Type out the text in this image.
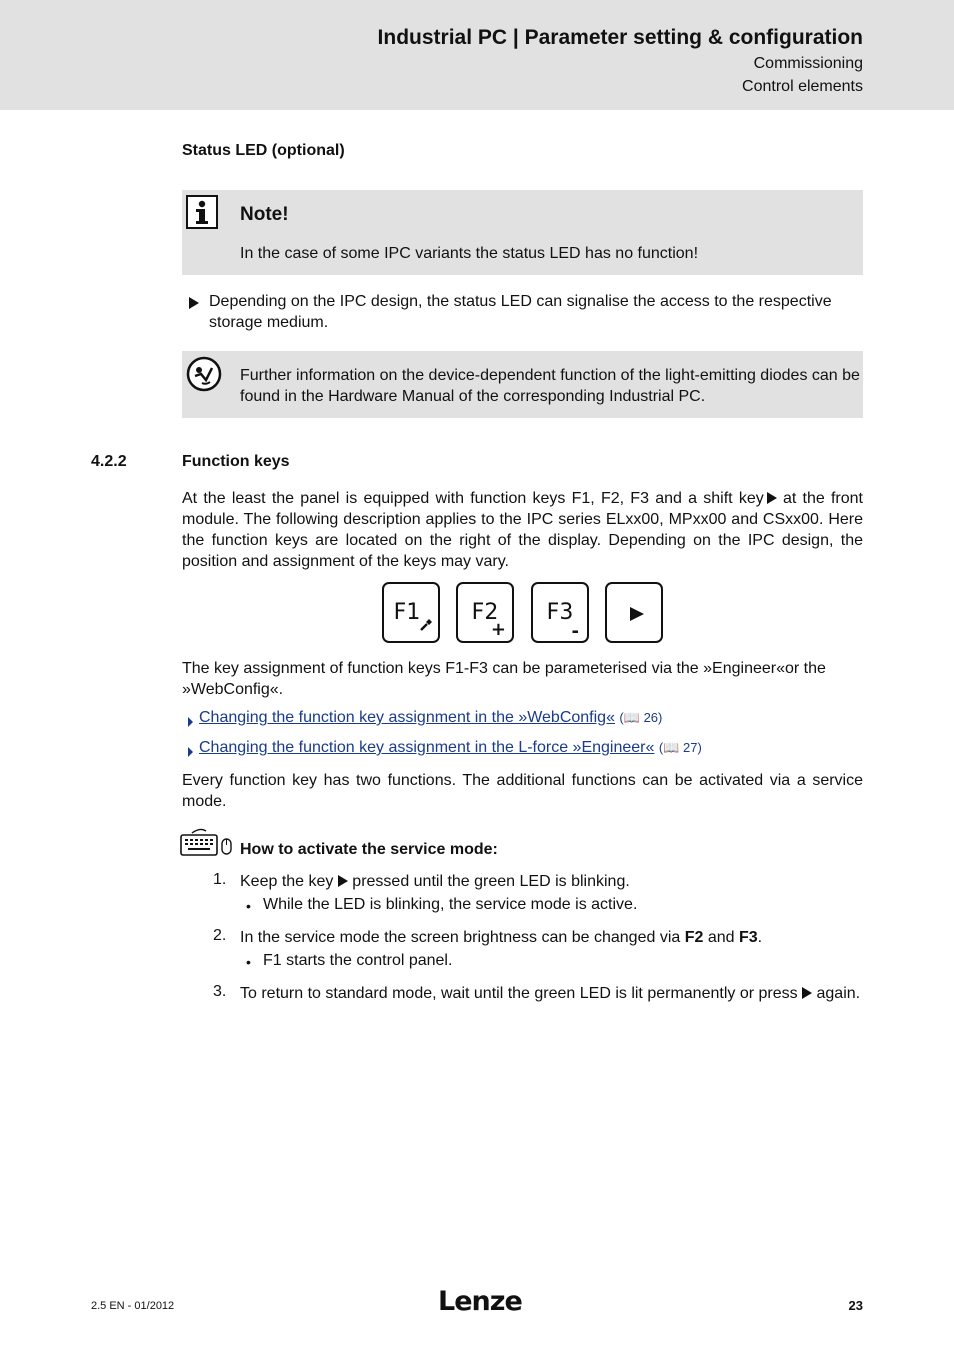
Industrial PC | Parameter setting & configuration
Commissioning
Control elements
Status LED (optional)
Note!
In the case of some IPC variants the status LED has no function!
Depending on the IPC design, the status LED can signalise the access to the respective storage medium.
Further information on the device-dependent function of the light-emitting diodes can be found in the Hardware Manual of the corresponding Industrial PC.
4.2.2	Function keys
At the least the panel is equipped with function keys F1, F2, F3 and a shift key at the front module. The following description applies to the IPC series ELxx00, MPxx00 and CSxx00. Here the function keys are located on the right of the display. Depending on the IPC design, the position and assignment of the keys may vary.
F1	F2
+
F3
-
The key assignment of function keys F1-F3 can be parameterised via the »Engineer«or the »WebConfig«.
Changing the function key assignment in the »WebConfig« (📖 26)
Changing the function key assignment in the L-force »Engineer« (📖 27)
Every function key has two functions. The additional functions can be activated via a service mode.
How to activate the service mode:
1. Keep the key  pressed until the green LED is blinking.
• While the LED is blinking, the service mode is active.
2. In the service mode the screen brightness can be changed via F2 and F3.
• F1 starts the control panel.
3. To return to standard mode, wait until the green LED is lit permanently or press  again.
2.5 EN - 01/2012	Lenze	23
